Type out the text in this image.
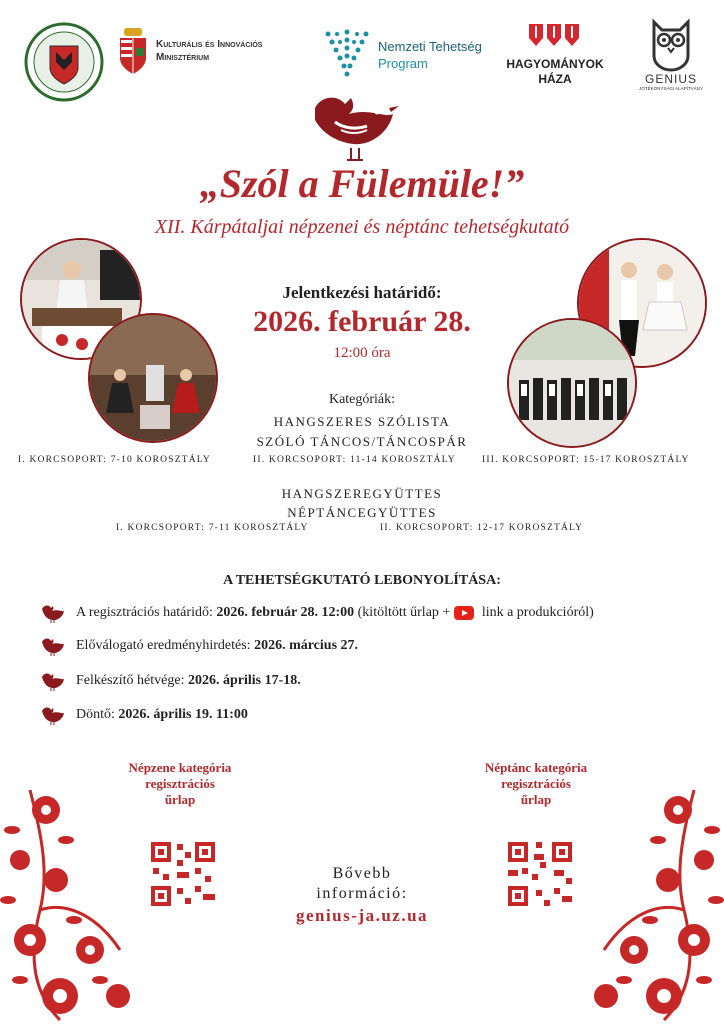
Kulturális és Innovációs
Minisztérium
Nemzeti Tehetség
Program	HAGYOMÁNYOK
HÁZA	GENIUS
JÓTÉKONYSÁGI ALAPÍTVÁNY
„Szól a Fülemüle!”
XII. Kárpátaljai népzenei és néptánc tehetségkutató
Jelentkezési határidő:
2026. február 28.
12:00 óra
Kategóriák:
HANGSZERES SZÓLISTA
SZÓLÓ TÁNCOS/TÁNCOSPÁR
I. KORCSOPORT: 7-10 KOROSZTÁLY	II. KORCSOPORT: 11-14 KOROSZTÁLY	III. KORCSOPORT: 15-17 KOROSZTÁLY
HANGSZEREGYÜTTES
NÉPTÁNCEGYÜTTES
I. KORCSOPORT: 7-11 KOROSZTÁLY	II. KORCSOPORT: 12-17 KOROSZTÁLY
A TEHETSÉGKUTATÓ LEBONYOLÍTÁSA:
A regisztrációs határidő: 2026. február 28. 12:00 (kitöltött űrlap + link a produkcióról)
Előválogató eredményhirdetés: 2026. március 27.
Felkészítő hétvége: 2026. április 17-18.
Döntő: 2026. április 19. 11:00
Népzene kategória
regisztrációs
űrlap
Néptánc kategória
regisztrációs
űrlap
Bővebb
információ:
genius-ja.uz.ua
